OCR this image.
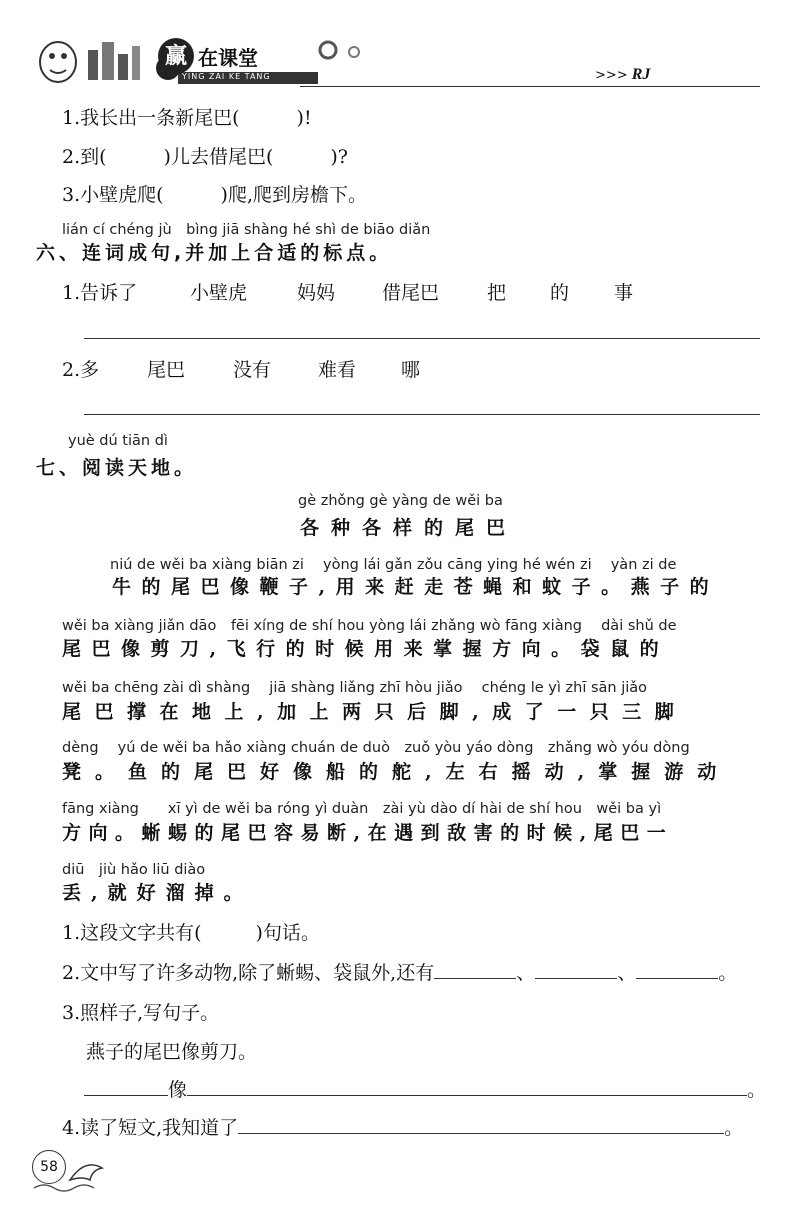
赢 在课堂
YING ZAI KE TANG	>>> RJ
1.我长出一条新尾巴(　　　)!
2.到(　　　)儿去借尾巴(　　　)?
3.小壁虎爬(　　　)爬,爬到房檐下。
lián cí chéng jù　bìng jiā shàng hé shì de biāo diǎn
六、连词成句,并加上合适的标点。
1.告诉了	小壁虎	妈妈 借尾巴	把 的 事
2.多	尾巴	没有 难看 哪
yuè dú tiān dì
七、阅读天地。
gè zhǒng gè yàng de wěi ba
各种各样的尾巴
niú de wěi ba xiàng biān zi　 yòng lái gǎn zǒu cāng ying hé wén zi　 yàn zi de
牛的尾巴像鞭子,用来赶走苍蝇和蚊子。燕子的
wěi ba xiàng jiǎn dāo　fēi xíng de shí hou yòng lái zhǎng wò fāng xiàng　 dài shǔ de
尾巴像剪刀,飞行的时候用来掌握方向。袋鼠的
wěi ba chēng zài dì shàng　 jiā shàng liǎng zhī hòu jiǎo　 chéng le yì zhī sān jiǎo
尾巴撑在地上,加上两只后脚,成了一只三脚
dèng　 yú de wěi ba hǎo xiàng chuán de duò　zuǒ yòu yáo dòng　zhǎng wò yóu dòng
凳。鱼的尾巴好像船的舵,左右摇动,掌握游动
fāng xiàng　　xī yì de wěi ba róng yì duàn　zài yù dào dí hài de shí hou　wěi ba yì
方向。蜥蜴的尾巴容易断,在遇到敌害的时候,尾巴一
diū　jiù hǎo liū diào
丢,就好溜掉。
1.这段文字共有(	)句话。
2.文中写了许多动物,除了蜥蜴、袋鼠外,还有	、	、	。
3.照样子,写句子。
燕子的尾巴像剪刀。
像	。
4.读了短文,我知道了	。
58
